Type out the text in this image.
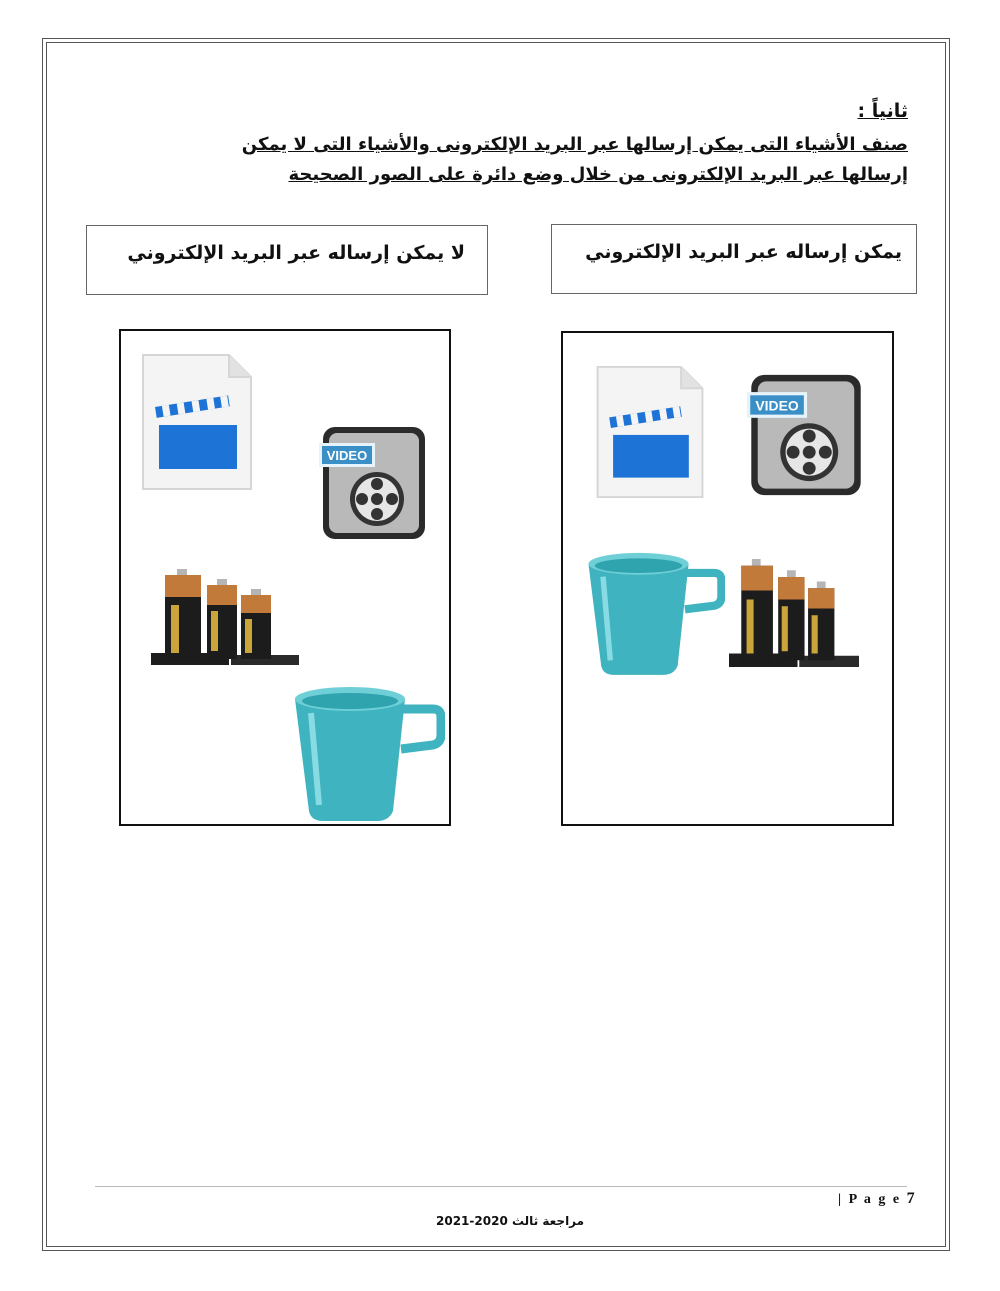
ثانياً :
صنف الأشياء التى يمكن إرسالها عبر البريد الإلكترونى والأشياء التى لا يمكن
إرسالها عبر البريد الإلكترونى من خلال وضع دائرة على الصور الصحيحة
يمكن إرساله عبر البريد الإلكتروني
لا يمكن إرساله عبر البريد الإلكتروني
VIDEO
VIDEO
| P a g e 7
مراجعة ثالث 2020-2021
